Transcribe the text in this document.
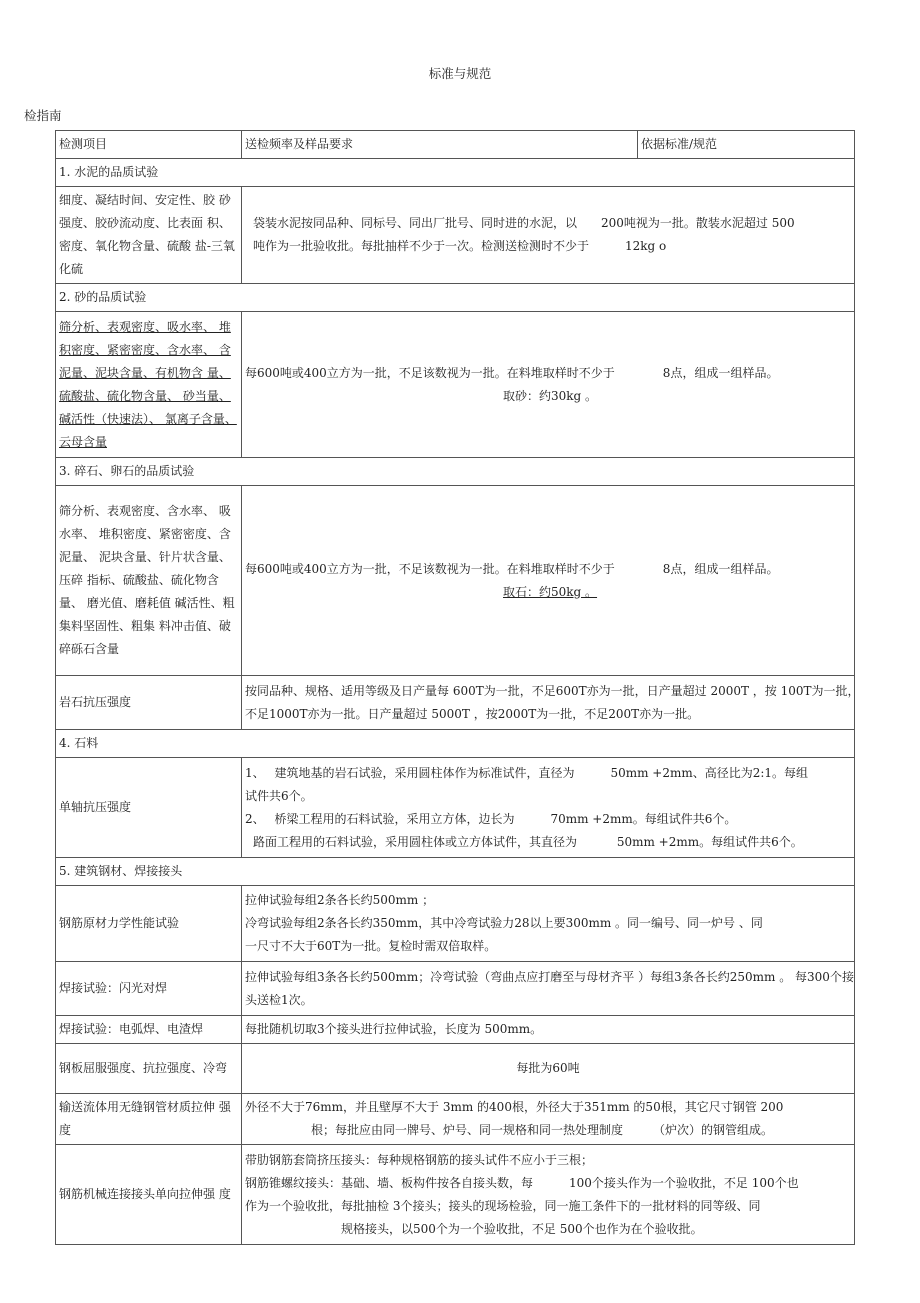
标准与规范
检指南
检测项目	送检频率及样品要求	依据标准/规范
1. 水泥的品质试验		
细度、凝结时间、安定性、胶 砂强度、胶砂流动度、比表面 积、密度、氧化物含量、硫酸 盐-三氧化硫	袋装水泥按同品种、同标号、同出厂批号、同时进的水泥，以　　200吨视为一批。散装水泥超过 500
吨作为一批验收批。每批抽样不少于一次。检测送检测时不少于　　　12kg o	

2. 砂的品质试验		
筛分析、表观密度、吸水率、 堆积密度、紧密密度、含水率、 含泥量、泥块含量、有机物含 量、硫酸盐、硫化物含量、 砂当量、碱活性（快速法）、 氯离子含量、云母含量	每600吨或400立方为一批，不足该数视为一批。在料堆取样时不少于　　　　8点，组成一组样品。
取砂：约30kg 。	

3. 碎石、卵石的品质试验		
筛分析、表观密度、含水率、 吸水率、 堆积密度、紧密密度、含泥量、 泥块含量、针片状含量、压碎 指标、硫酸盐、硫化物含量、 磨光值、磨耗值 碱活性、粗集料坚固性、粗集 料冲击值、破碎砾石含量	每600吨或400立方为一批，不足该数视为一批。在料堆取样时不少于　　　　8点，组成一组样品。
取石：约50kg 。	

岩石抗压强度	按同品种、规格、适用等级及日产量每 600T为一批，不足600T亦为一批，日产量超过 2000T ，按 100T为一批，
不足1000T亦为一批。日产量超过 5000T ，按2000T为一批，不足200T亦为一批。	

4. 石料		
单轴抗压强度	1、　 建筑地基的岩石试验，采用圆柱体作为标准试件，直径为　　　50mm +2mm、高径比为2:1。每组
试件共6个。
2、　 桥梁工程用的石料试验，采用立方体，边长为　　　70mm +2mm。每组试件共6个。
路面工程用的石料试验，采用圆柱体或立方体试件，其直径为　　　 50mm +2mm。每组试件共6个。	

5. 建筑钢材、焊接接头		
钢筋原材力学性能试验	拉伸试验每组2条各长约500mm ；
冷弯试验每组2条各长约350mm，其中冷弯试验力28以上要300mm 。同一编号、同一炉号 、同
一尺寸不大于60T为一批。复检时需双倍取样。	

焊接试验：闪光对焊	拉伸试验每组3条各长约500mm；冷弯试验（弯曲点应打磨至与母材齐平 ）每组3条各长约250mm 。 每300个接
头送检1次。	

焊接试验：电弧焊、电渣焊	每批随机切取3个接头进行拉伸试验，长度为 500mm。	
钢板屈服强度、抗拉强度、冷弯	每批为60吨	
输送流体用无缝钢管材质拉伸 强度	外径不大于76mm，并且壁厚不大于 3mm 的400根，外径大于351mm 的50根，其它尺寸钢管 200
根；每批应由同一牌号、炉号、同一规格和同一热处理制度　　　（炉次）的钢管组成。	

钢筋机械连接接头单向拉伸强 度	带肋钢筋套筒挤压接头：每种规格钢筋的接头试件不应小于三根；
钢筋锥螺纹接头：基础、墙、板构件按各自接头数，每　　　100个接头作为一个验收批，不足 100个也
作为一个验收批，每批抽检 3个接头；接头的现场检验，同一施工条件下的一批材料的同等级、同
规格接头，以500个为一个验收批，不足 500个也作为在个验收批。	
